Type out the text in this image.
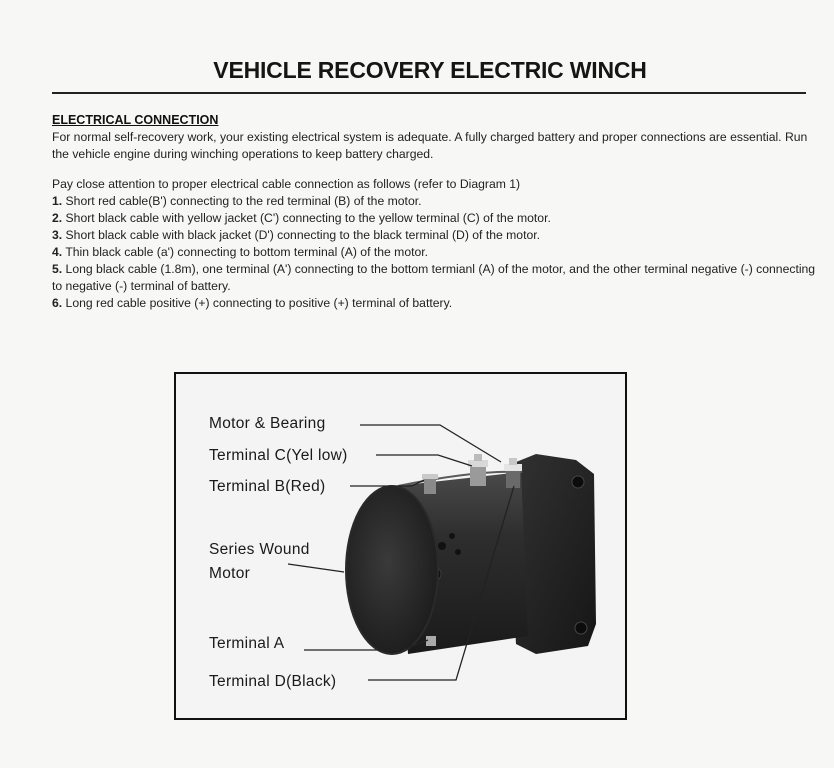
VEHICLE RECOVERY ELECTRIC WINCH
ELECTRICAL CONNECTION
For normal self-recovery work, your existing electrical system is adequate. A fully charged battery and proper connections are essential. Run the vehicle engine during winching operations to keep battery charged.
Pay close attention to proper electrical cable connection as follows (refer to Diagram 1)
1. Short red cable(B') connecting to the red terminal (B) of the motor.
2. Short black cable with yellow jacket (C') connecting to the yellow terminal (C) of the motor.
3. Short black cable with black jacket (D') connecting to the black terminal (D) of the motor.
4. Thin black cable (a') connecting to bottom terminal (A) of the motor.
5. Long black cable (1.8m), one terminal (A') connecting to the bottom termianl (A) of the motor, and the other terminal negative (-) connecting to negative (-) terminal of battery.
6. Long red cable positive (+) connecting to positive (+) terminal of battery.
Motor & Bearing
Terminal C(Yel low)
Terminal B(Red)
Series Wound
Motor
Terminal A
Terminal D(Black)
